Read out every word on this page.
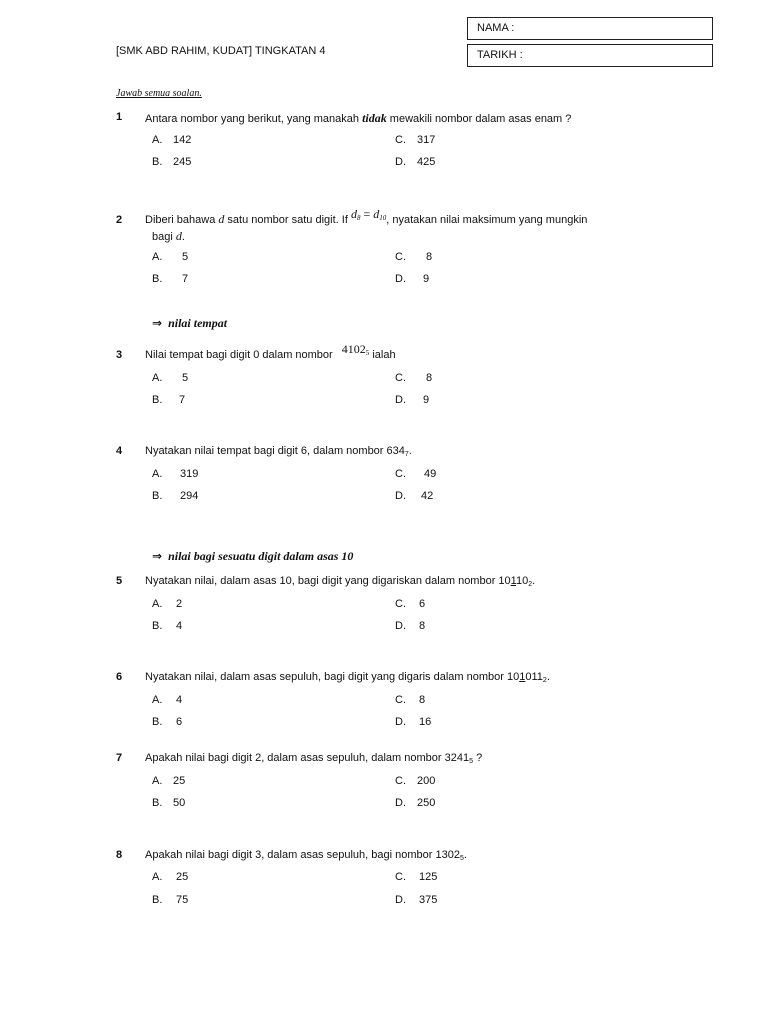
[SMK ABD RAHIM, KUDAT] TINGKATAN 4
NAMA :
TARIKH :
Jawab semua soalan.
1 Antara nombor yang berikut, yang manakah tidak mewakili nombor dalam asas enam ?
A. 142
B. 245
C. 317
D. 425
2 Diberi bahawa d satu nombor satu digit. If $d_8 = d_{10}$, nyatakan nilai maksimum yang mungkin
bagi d.
A. 5
B. 7
C. 8
D. 9
⇒ nilai tempat
3 Nilai tempat bagi digit 0 dalam nombor $4102_5$ ialah
A. 5
B. 7
C. 8
D. 9
4 Nyatakan nilai tempat bagi digit 6, dalam nombor $634_7$.
A. 319
B. 294
C. 49
D. 42
⇒ nilai bagi sesuatu digit dalam asas 10
5 Nyatakan nilai, dalam asas 10, bagi digit yang digariskan dalam nombor $10110_2$.
A. 2
B. 4
C. 6
D. 8
6 Nyatakan nilai, dalam asas sepuluh, bagi digit yang digaris dalam nombor $101011_2$.
A. 4
B. 6
C. 8
D. 16
7 Apakah nilai bagi digit 2, dalam asas sepuluh, dalam nombor $3241_5$ ?
A. 25
B. 50
C. 200
D. 250
8 Apakah nilai bagi digit 3, dalam asas sepuluh, bagi nombor $1302_5$.
A. 25
B. 75
C. 125
D. 375
